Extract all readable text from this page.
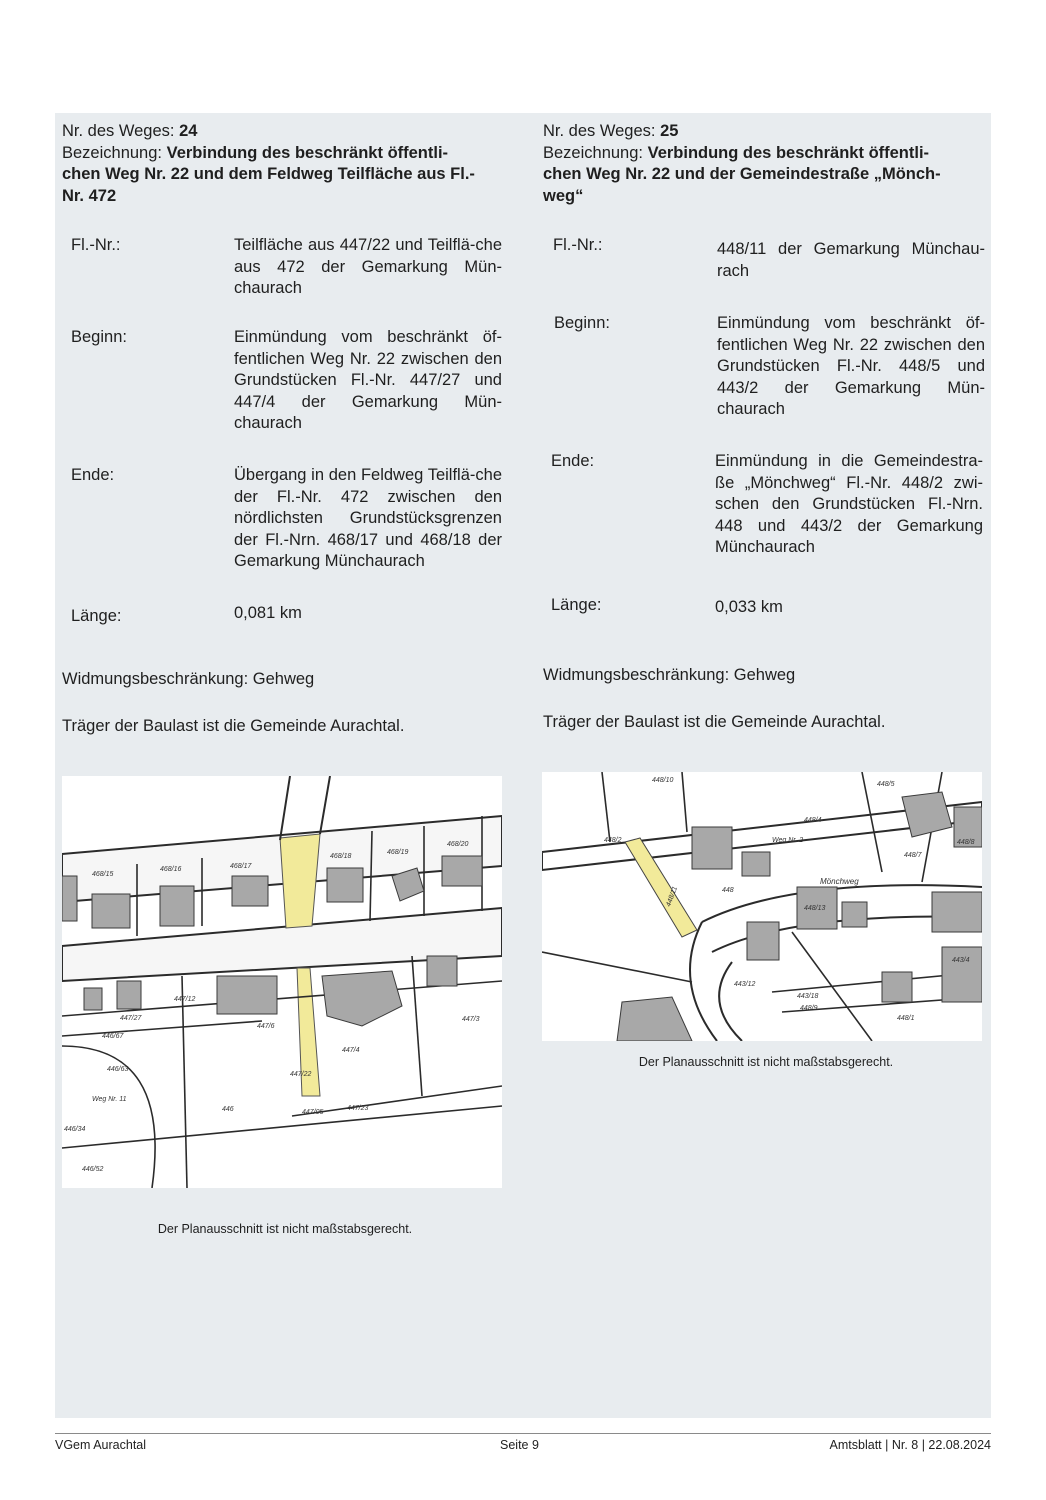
Nr. des Weges: 24
Bezeichnung: Verbindung des beschränkt öffentli-
chen Weg Nr. 22 und dem Feldweg Teilfläche aus Fl.-
Nr. 472
Fl.-Nr.:	Teilfläche aus 447/22 und Teilflä-che aus 472 der Gemarkung Mün-chaurach
Beginn:	Einmündung vom beschränkt öf-fentlichen Weg Nr. 22 zwischen den Grundstücken Fl.-Nr. 447/27 und 447/4 der Gemarkung Mün-chaurach
Ende:	Übergang in den Feldweg Teilflä-che der Fl.-Nr. 472 zwischen den nördlichsten Grundstücksgrenzen der Fl.-Nrn. 468/17 und 468/18 der Gemarkung Münchaurach
Länge:	0,081 km
Widmungsbeschränkung: Gehweg
Träger der Baulast ist die Gemeinde Aurachtal.
468/15
468/16	468/17
468/18
468/19
468/20
447/27
446/67
447/12
447/6
447/4
447/3
447/22
447/23
447/05
446/63
446
446/34
446/52
Weg Nr. 11
Der Planausschnitt ist nicht maßstabsgerecht.
Nr. des Weges: 25
Bezeichnung: Verbindung des beschränkt öffentli-
chen Weg Nr. 22 und der Gemeindestraße „Mönch-
weg“
Fl.-Nr.:	448/11 der Gemarkung Münchau-rach
Beginn:	Einmündung vom beschränkt öf-fentlichen Weg Nr. 22 zwischen den Grundstücken Fl.-Nr. 448/5 und 443/2 der Gemarkung Mün-chaurach
Ende:	Einmündung in die Gemeindestra-ße „Mönchweg“ Fl.-Nr. 448/2 zwi-schen den Grundstücken Fl.-Nrn. 448 und 443/2 der Gemarkung Münchaurach
Länge:	0,033 km
Widmungsbeschränkung: Gehweg
Träger der Baulast ist die Gemeinde Aurachtal.
448/10
448/5
448/4
448/7
448/8
448
448/11
448/13
443/12
443/18
443/4
448/2
448/1
Mönchweg
Weg Nr. 2
448/9
Der Planausschnitt ist nicht maßstabsgerecht.
VGem Aurachtal	Seite 9	Amtsblatt | Nr. 8 | 22.08.2024
